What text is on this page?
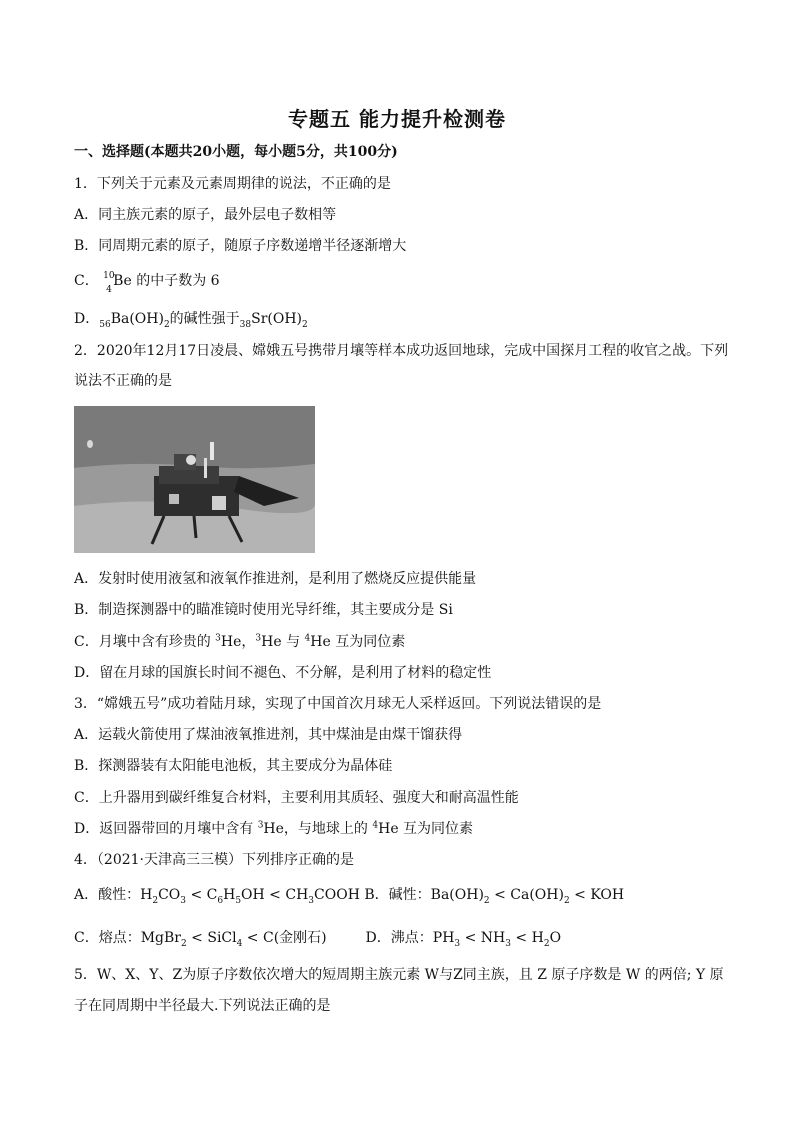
专题五 能力提升检测卷
一、选择题(本题共20小题，每小题5分，共100分)
1．下列关于元素及元素周期律的说法，不正确的是
A．同主族元素的原子，最外层电子数相等
B．同周期元素的原子，随原子序数递增半径逐渐增大
C． 10
4
Be 的中子数为 6
D．$_{56}Ba(OH)_2$的碱性强于$_{38}Sr(OH)_2$
2．2020年12月17日凌晨、嫦娥五号携带月壤等样本成功返回地球，完成中国探月工程的收官之战。下列
说法不正确的是
A．发射时使用液氢和液氧作推进剂，是利用了燃烧反应提供能量
B．制造探测器中的瞄准镜时使用光导纤维，其主要成分是 Si
C．月壤中含有珍贵的 $^3$He，$^3$He 与 $^4$He 互为同位素
D．留在月球的国旗长时间不褪色、不分解，是利用了材料的稳定性
3．“嫦娥五号”成功着陆月球，实现了中国首次月球无人采样返回。下列说法错误的是
A．运载火箭使用了煤油液氧推进剂，其中煤油是由煤干馏获得
B．探测器装有太阳能电池板，其主要成分为晶体硅
C．上升器用到碳纤维复合材料，主要利用其质轻、强度大和耐高温性能
D．返回器带回的月壤中含有 $^3$He，与地球上的 $^4$He 互为同位素
4．（2021·天津高三三模）下列排序正确的是
A．酸性：$H_2CO_3 < C_6H_5OH$ < $CH_3COOH$ B．碱性：$Ba(OH)_2 < Ca(OH)_2$ < KOH
C．熔点：MgBr$_2$ < SiCl$_4$ < C(金刚石)	D．沸点：$PH_3 < NH_3 < H_2O$
5．W、X、Y、Z为原子序数依次增大的短周期主族元素 W与Z同主族，且 Z 原子序数是 W 的两倍; Y 原
子在同周期中半径最大.下列说法正确的是
